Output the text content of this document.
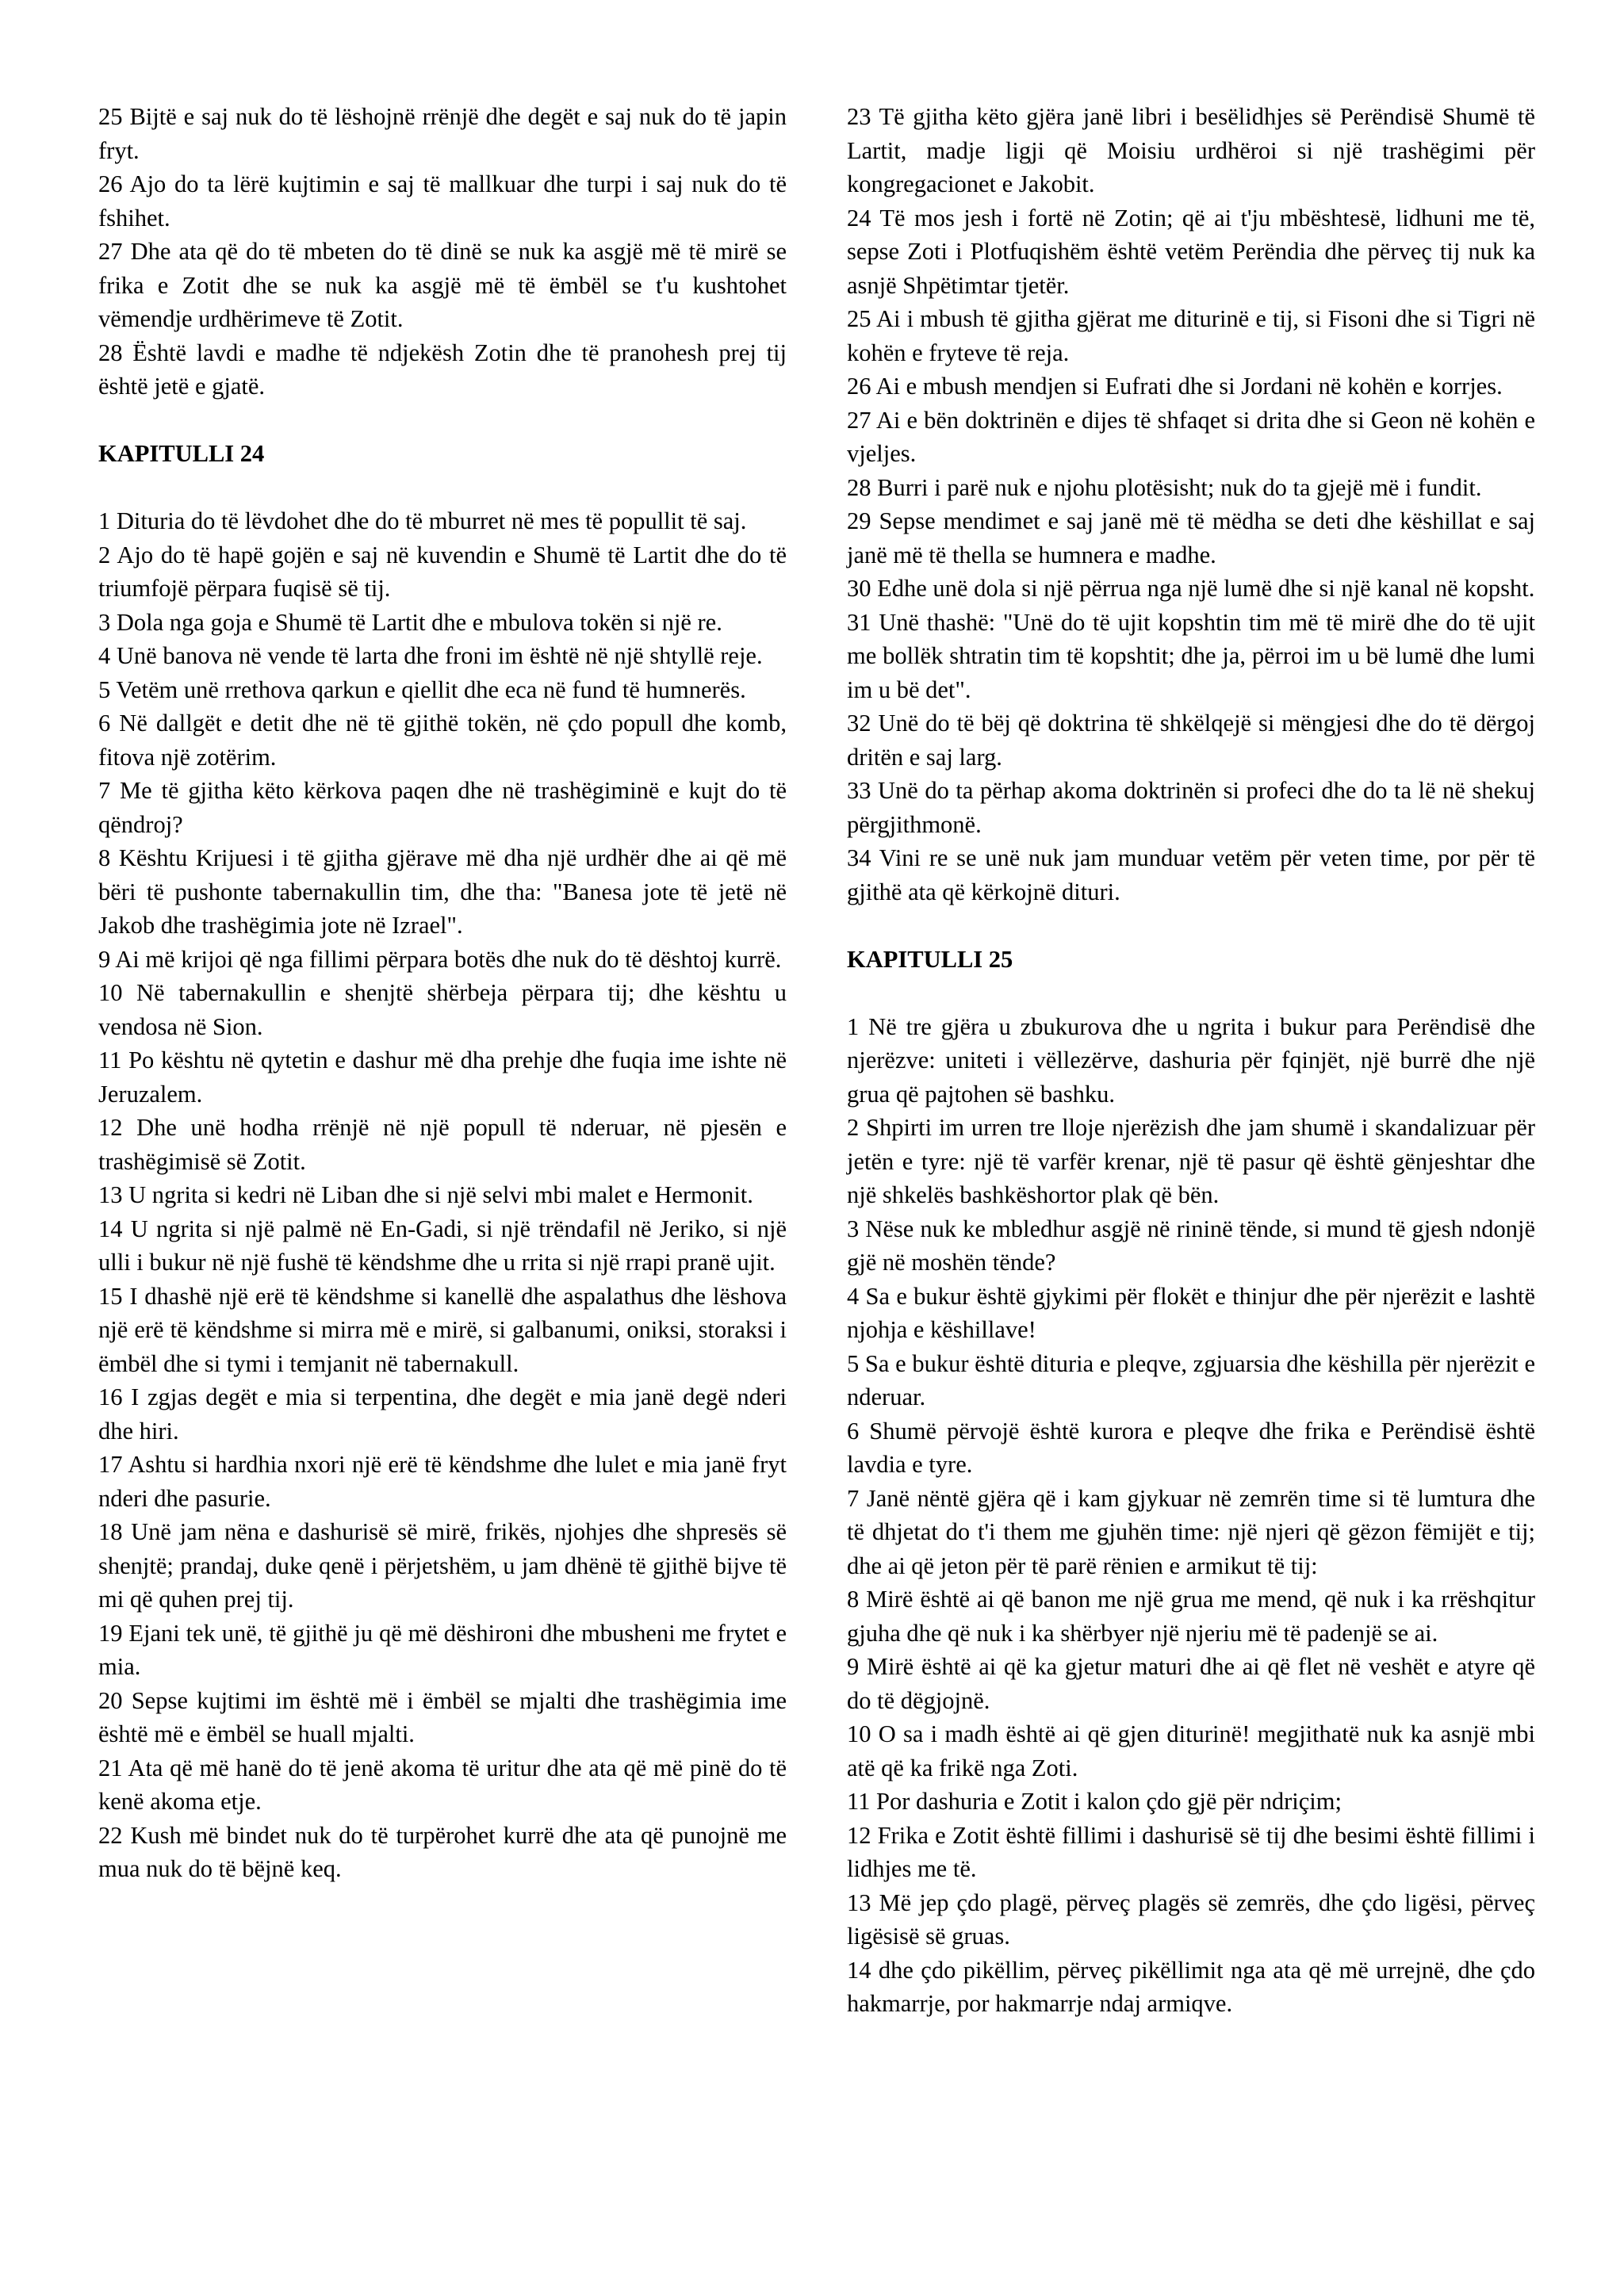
25 Bijtë e saj nuk do të lëshojnë rrënjë dhe degët e saj nuk do të japin fryt.

26 Ajo do ta lërë kujtimin e saj të mallkuar dhe turpi i saj nuk do të fshihet.

27 Dhe ata që do të mbeten do të dinë se nuk ka asgjë më të mirë se frika e Zotit dhe se nuk ka asgjë më të ëmbël se t'u kushtohet vëmendje urdhërimeve të Zotit.

28 Është lavdi e madhe të ndjekësh Zotin dhe të pranohesh prej tij është jetë e gjatë.

KAPITULLI 24

1 Dituria do të lëvdohet dhe do të mburret në mes të popullit të saj.

2 Ajo do të hapë gojën e saj në kuvendin e Shumë të Lartit dhe do të triumfojë përpara fuqisë së tij.

3 Dola nga goja e Shumë të Lartit dhe e mbulova tokën si një re.

4 Unë banova në vende të larta dhe froni im është në një shtyllë reje.

5 Vetëm unë rrethova qarkun e qiellit dhe eca në fund të humnerës.

6 Në dallgët e detit dhe në të gjithë tokën, në çdo popull dhe komb, fitova një zotërim.

7 Me të gjitha këto kërkova paqen dhe në trashëgiminë e kujt do të qëndroj?

8 Kështu Krijuesi i të gjitha gjërave më dha një urdhër dhe ai që më bëri të pushonte tabernakullin tim, dhe tha: "Banesa jote të jetë në Jakob dhe trashëgimia jote në Izrael".

9 Ai më krijoi që nga fillimi përpara botës dhe nuk do të dështoj kurrë.

10 Në tabernakullin e shenjtë shërbeja përpara tij; dhe kështu u vendosa në Sion.

11 Po kështu në qytetin e dashur më dha prehje dhe fuqia ime ishte në Jeruzalem.

12 Dhe unë hodha rrënjë në një popull të nderuar, në pjesën e trashëgimisë së Zotit.

13 U ngrita si kedri në Liban dhe si një selvi mbi malet e Hermonit.

14 U ngrita si një palmë në En-Gadi, si një trëndafil në Jeriko, si një ulli i bukur në një fushë të këndshme dhe u rrita si një rrapi pranë ujit.

15 I dhashë një erë të këndshme si kanellë dhe aspalathus dhe lëshova një erë të këndshme si mirra më e mirë, si galbanumi, oniksi, storaksi i ëmbël dhe si tymi i temjanit në tabernakull.

16 I zgjas degët e mia si terpentina, dhe degët e mia janë degë nderi dhe hiri.

17 Ashtu si hardhia nxori një erë të këndshme dhe lulet e mia janë fryt nderi dhe pasurie.

18 Unë jam nëna e dashurisë së mirë, frikës, njohjes dhe shpresës së shenjtë; prandaj, duke qenë i përjetshëm, u jam dhënë të gjithë bijve të mi që quhen prej tij.

19 Ejani tek unë, të gjithë ju që më dëshironi dhe mbusheni me frytet e mia.

20 Sepse kujtimi im është më i ëmbël se mjalti dhe trashëgimia ime është më e ëmbël se huall mjalti.

21 Ata që më hanë do të jenë akoma të uritur dhe ata që më pinë do të kenë akoma etje.

22 Kush më bindet nuk do të turpërohet kurrë dhe ata që punojnë me mua nuk do të bëjnë keq.

23 Të gjitha këto gjëra janë libri i besëlidhjes së Perëndisë Shumë të Lartit, madje ligji që Moisiu urdhëroi si një trashëgimi për kongregacionet e Jakobit.

24 Të mos jesh i fortë në Zotin; që ai t'ju mbështesë, lidhuni me të, sepse Zoti i Plotfuqishëm është vetëm Perëndia dhe përveç tij nuk ka asnjë Shpëtimtar tjetër.

25 Ai i mbush të gjitha gjërat me diturinë e tij, si Fisoni dhe si Tigri në kohën e fryteve të reja.

26 Ai e mbush mendjen si Eufrati dhe si Jordani në kohën e korrjes.

27 Ai e bën doktrinën e dijes të shfaqet si drita dhe si Geon në kohën e vjeljes.

28 Burri i parë nuk e njohu plotësisht; nuk do ta gjejë më i fundit.

29 Sepse mendimet e saj janë më të mëdha se deti dhe këshillat e saj janë më të thella se humnera e madhe.

30 Edhe unë dola si një përrua nga një lumë dhe si një kanal në kopsht.

31 Unë thashë: "Unë do të ujit kopshtin tim më të mirë dhe do të ujit me bollëk shtratin tim të kopshtit; dhe ja, përroi im u bë lumë dhe lumi im u bë det".

32 Unë do të bëj që doktrina të shkëlqejë si mëngjesi dhe do të dërgoj dritën e saj larg.

33 Unë do ta përhap akoma doktrinën si profeci dhe do ta lë në shekuj përgjithmonë.

34 Vini re se unë nuk jam munduar vetëm për veten time, por për të gjithë ata që kërkojnë dituri.

KAPITULLI 25

1 Në tre gjëra u zbukurova dhe u ngrita i bukur para Perëndisë dhe njerëzve: uniteti i vëllezërve, dashuria për fqinjët, një burrë dhe një grua që pajtohen së bashku.

2 Shpirti im urren tre lloje njerëzish dhe jam shumë i skandalizuar për jetën e tyre: një të varfër krenar, një të pasur që është gënjeshtar dhe një shkelës bashkëshortor plak që bën.

3 Nëse nuk ke mbledhur asgjë në rininë tënde, si mund të gjesh ndonjë gjë në moshën tënde?

4 Sa e bukur është gjykimi për flokët e thinjur dhe për njerëzit e lashtë njohja e këshillave!

5 Sa e bukur është dituria e pleqve, zgjuarsia dhe këshilla për njerëzit e nderuar.

6 Shumë përvojë është kurora e pleqve dhe frika e Perëndisë është lavdia e tyre.

7 Janë nëntë gjëra që i kam gjykuar në zemrën time si të lumtura dhe të dhjetat do t'i them me gjuhën time: një njeri që gëzon fëmijët e tij; dhe ai që jeton për të parë rënien e armikut të tij:

8 Mirë është ai që banon me një grua me mend, që nuk i ka rrëshqitur gjuha dhe që nuk i ka shërbyer një njeriu më të padenjë se ai.

9 Mirë është ai që ka gjetur maturi dhe ai që flet në veshët e atyre që do të dëgjojnë.

10 O sa i madh është ai që gjen diturinë! megjithatë nuk ka asnjë mbi atë që ka frikë nga Zoti.

11 Por dashuria e Zotit i kalon çdo gjë për ndriçim;

12 Frika e Zotit është fillimi i dashurisë së tij dhe besimi është fillimi i lidhjes me të.

13 Më jep çdo plagë, përveç plagës së zemrës, dhe çdo ligësi, përveç ligësisë së gruas.

14 dhe çdo pikëllim, përveç pikëllimit nga ata që më urrejnë, dhe çdo hakmarrje, por hakmarrje ndaj armiqve.
